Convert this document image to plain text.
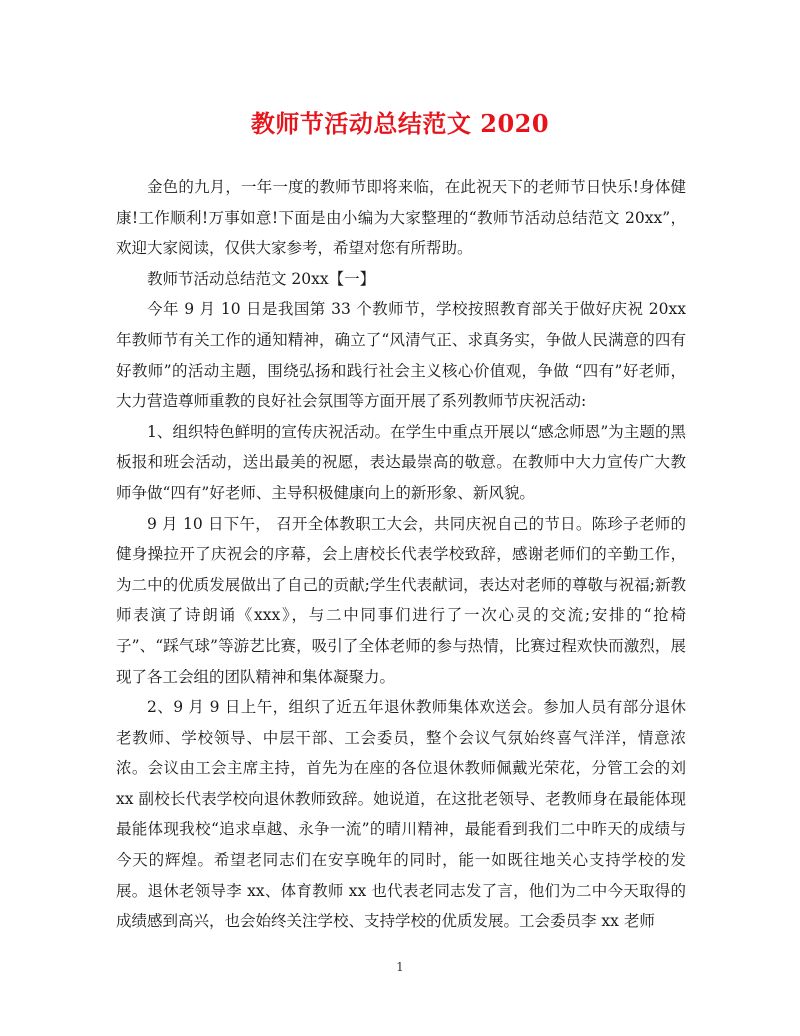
教师节活动总结范文 2020

金色的九月，一年一度的教师节即将来临，在此祝天下的老师节日快乐!身体健康!工作顺利!万事如意!下面是由小编为大家整理的“教师节活动总结范文 20xx”，欢迎大家阅读，仅供大家参考，希望对您有所帮助。

教师节活动总结范文 20xx【一】

今年 9 月 10 日是我国第 33 个教师节，学校按照教育部关于做好庆祝 20xx 年教师节有关工作的通知精神，确立了“风清气正、求真务实，争做人民满意的四有好教师”的活动主题，围绕弘扬和践行社会主义核心价值观，争做 “四有”好老师，大力营造尊师重教的良好社会氛围等方面开展了系列教师节庆祝活动:

1、组织特色鲜明的宣传庆祝活动。在学生中重点开展以“感念师恩”为主题的黑板报和班会活动，送出最美的祝愿，表达最崇高的敬意。在教师中大力宣传广大教师争做“四有”好老师、主导积极健康向上的新形象、新风貌。

9 月 10 日下午， 召开全体教职工大会，共同庆祝自己的节日。陈珍子老师的健身操拉开了庆祝会的序幕，会上唐校长代表学校致辞，感谢老师们的辛勤工作，为二中的优质发展做出了自己的贡献;学生代表献词，表达对老师的尊敬与祝福;新教师表演了诗朗诵《xxx》，与二中同事们进行了一次心灵的交流;安排的“抢椅子”、“踩气球”等游艺比赛，吸引了全体老师的参与热情，比赛过程欢快而激烈，展现了各工会组的团队精神和集体凝聚力。

2、9 月 9 日上午，组织了近五年退休教师集体欢送会。参加人员有部分退休老教师、学校领导、中层干部、工会委员，整个会议气氛始终喜气洋洋，情意浓浓。会议由工会主席主持，首先为在座的各位退休教师佩戴光荣花，分管工会的刘 xx 副校长代表学校向退休教师致辞。她说道，在这批老领导、老教师身在最能体现最能体现我校“追求卓越、永争一流”的晴川精神，最能看到我们二中昨天的成绩与今天的辉煌。希望老同志们在安享晚年的同时，能一如既往地关心支持学校的发展。退休老领导李 xx、体育教师 xx 也代表老同志发了言，他们为二中今天取得的成绩感到高兴，也会始终关注学校、支持学校的优质发展。工会委员李 xx 老师

1
